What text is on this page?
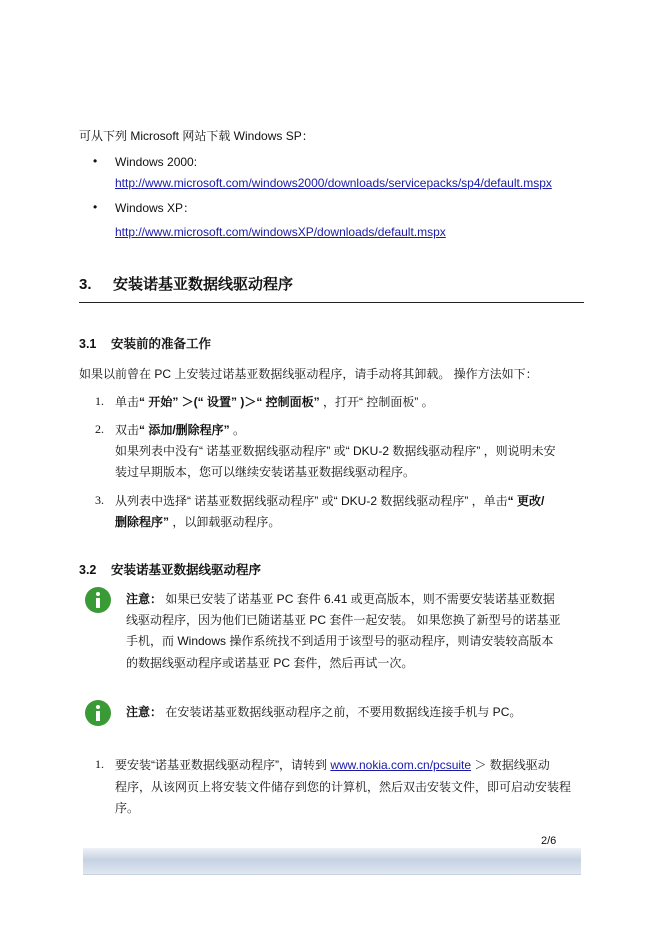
可从下列 Microsoft 网站下载 Windows SP：
• Windows 2000:
http://www.microsoft.com/windows2000/downloads/servicepacks/sp4/default.mspx
• Windows XP：
http://www.microsoft.com/windowsXP/downloads/default.mspx
3. 安装诺基亚数据线驱动程序
3.1 安装前的准备工作
如果以前曾在 PC 上安装过诺基亚数据线驱动程序，请手动将其卸载。 操作方法如下：
1. 单击“ 开始” ＞(“ 设置” )＞“ 控制面板” ，打开“ 控制面板” 。
2. 双击“ 添加/删除程序” 。
如果列表中没有“ 诺基亚数据线驱动程序” 或“ DKU-2 数据线驱动程序” ，则说明未安
装过早期版本，您可以继续安装诺基亚数据线驱动程序。
3. 从列表中选择“ 诺基亚数据线驱动程序” 或“ DKU-2 数据线驱动程序” ，单击“ 更改/
删除程序” ，以卸载驱动程序。
3.2 安装诺基亚数据线驱动程序
注意： 如果已安装了诺基亚 PC 套件 6.41 或更高版本，则不需要安装诺基亚数据
线驱动程序，因为他们已随诺基亚 PC 套件一起安装。 如果您换了新型号的诺基亚
手机，而 Windows 操作系统找不到适用于该型号的驱动程序，则请安装较高版本
的数据线驱动程序或诺基亚 PC 套件，然后再试一次。
注意： 在安装诺基亚数据线驱动程序之前，不要用数据线连接手机与 PC。
1. 要安装“诺基亚数据线驱动程序”，请转到 www.nokia.com.cn/pcsuite ＞ 数据线驱动
程序，从该网页上将安装文件储存到您的计算机，然后双击安装文件，即可启动安装程
序。
2/6
